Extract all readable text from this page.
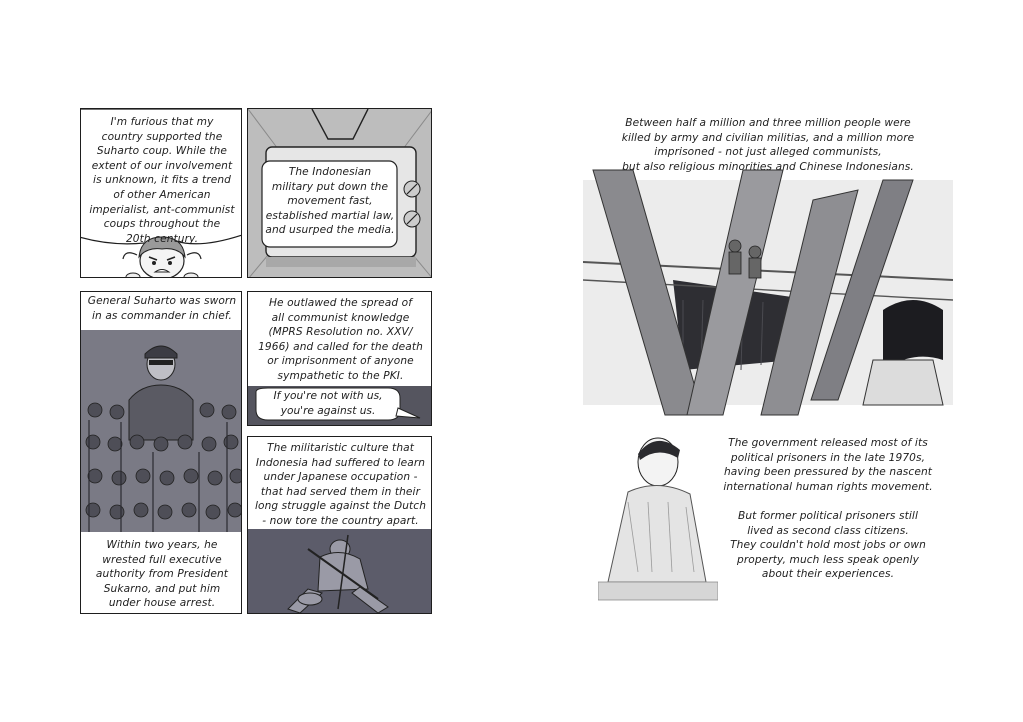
I'm furious that my
country supported the
Suharto coup. While the
extent of our involvement
is unknown, it fits a trend
of other American
imperialist, ant-communist
coups throughout the
20th century.
The Indonesian
military put down the
movement fast,
established martial law,
and usurped the media.
General Suharto was sworn
in as commander in chief.
Within two years, he
wrested full executive
authority from President
Sukarno, and put him
under house arrest.
He outlawed the spread of
all communist knowledge
(MPRS Resolution no. XXV/
1966) and called for the death
or imprisonment of anyone
sympathetic to the PKI.
If you're not with us,
you're against us.
The militaristic culture that
Indonesia had suffered to learn
under Japanese occupation -
that had served them in their
long struggle against the Dutch
- now tore the country apart.
Between half a million and three million people were
killed by army and civilian militias, and a million more
imprisoned - not just alleged communists,
but also religious minorities and Chinese Indonesians.
The government released most of its
political prisoners in the late 1970s,
having been pressured by the nascent
international human rights movement.

But former political prisoners still
lived as second class citizens.
They couldn't hold most jobs or own
property, much less speak openly
about their experiences.
